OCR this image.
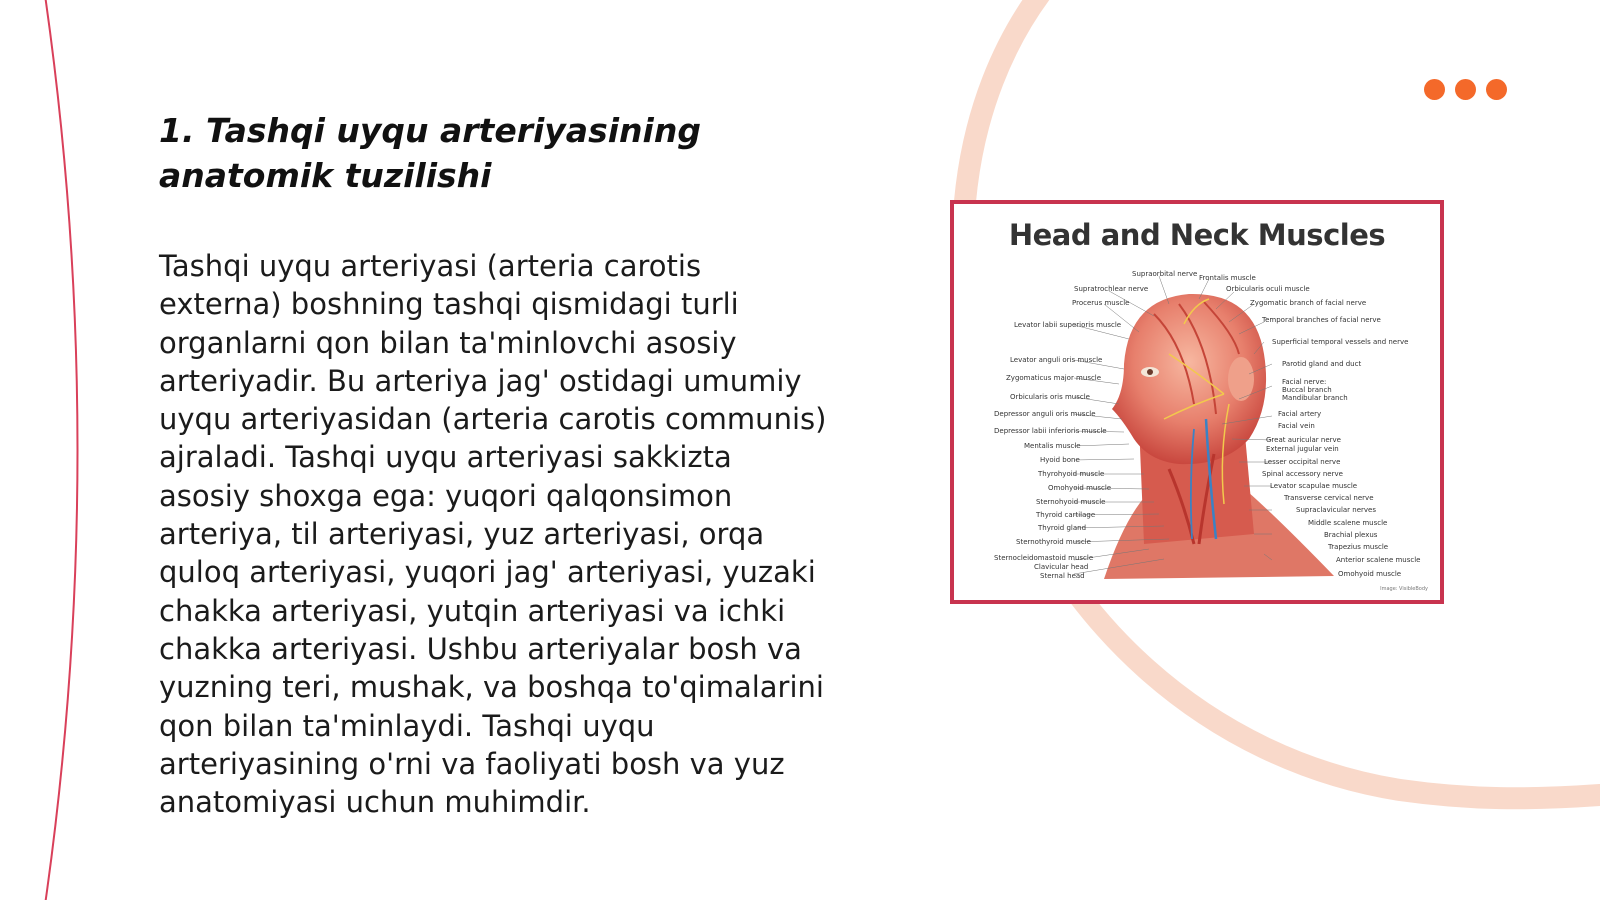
1. Tashqi uyqu arteriyasining
anatomik tuzilishi

Tashqi uyqu arteriyasi (arteria carotis externa) boshning tashqi qismidagi turli organlarni qon bilan ta'minlovchi asosiy arteriyadir. Bu arteriya jag' ostidagi umumiy uyqu arteriyasidan (arteria carotis communis) ajraladi. Tashqi uyqu arteriyasi sakkizta asosiy shoxga ega: yuqori qalqonsimon arteriya, til arteriyasi, yuz arteriyasi, orqa quloq arteriyasi, yuqori jag' arteriyasi, yuzaki chakka arteriyasi, yutqin arteriyasi va ichki chakka arteriyasi. Ushbu arteriyalar bosh va yuzning teri, mushak, va boshqa to'qimalarini qon bilan ta'minlaydi. Tashqi uyqu arteriyasining o'rni va faoliyati bosh va yuz anatomiyasi uchun muhimdir.

Head and Neck Muscles
Supraorbital nerve Frontalis muscle
Supratrochlear nerve	Orbicularis oculi muscle
Procerus muscle	Zygomatic branch of facial nerve
Temporal branches of facial nerve
Levator labii superioris muscle
Levator anguli oris muscle
Zygomaticus major muscle
Orbicularis oris muscle
Depressor anguli oris muscle
Depressor labii inferioris muscle
Mentalis muscle
Hyoid bone
Thyrohyoid muscle
Omohyoid muscle
Sternohyoid muscle
Thyroid cartilage
Thyroid gland
Sternothyroid muscle
Sternocleidomastoid muscle
Clavicular head
Sternal head
Superficial temporal vessels and nerve
Parotid gland and duct
Facial nerve:
Buccal branch
Mandibular branch
Facial artery
Facial vein
Great auricular nerve
External jugular vein
Lesser occipital nerve
Spinal accessory nerve
Levator scapulae muscle
Transverse cervical nerve
Supraclavicular nerves
Middle scalene muscle
Brachial plexus
Trapezius muscle
Anterior scalene muscle
Omohyoid muscle
Image: VisibleBody
